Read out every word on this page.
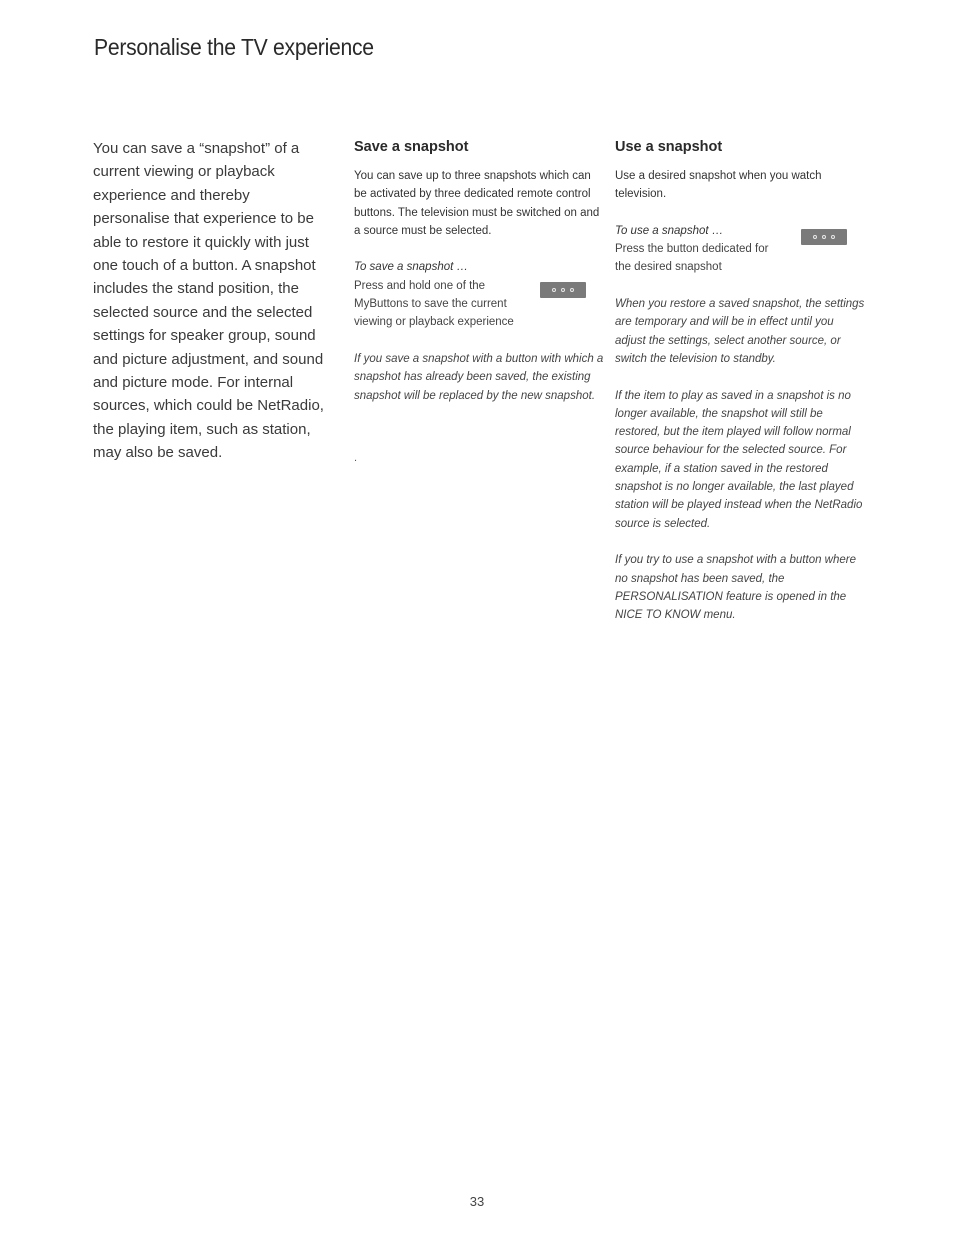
Personalise the TV experience
You can save a “snapshot” of a current viewing or playback experience and thereby personalise that experience to be able to restore it quickly with just one touch of a button. A snapshot includes the stand position, the selected source and the selected settings for speaker group, sound and picture adjustment, and sound and picture mode. For internal sources, which could be NetRadio, the playing item, such as station, may also be saved.
Save a snapshot

You can save up to three snapshots which can be activated by three dedicated remote control buttons. The television must be switched on and a source must be selected.

To save a snapshot …
Press and hold one of the MyButtons to save the current viewing or playback experience

If you save a snapshot with a button with which a snapshot has already been saved, the existing snapshot will be replaced by the new snapshot.

.
Use a snapshot

Use a desired snapshot when you watch television.

To use a snapshot …
Press the button dedicated for the desired snapshot

When you restore a saved snapshot, the settings are temporary and will be in effect until you adjust the settings, select another source, or switch the television to standby.

If the item to play as saved in a snapshot is no longer available, the snapshot will still be restored, but the item played will follow normal source behaviour for the selected source. For example, if a station saved in the restored snapshot is no longer available, the last played station will be played instead when the NetRadio source is selected.

If you try to use a snapshot with a button where no snapshot has been saved, the PERSONALISATION feature is opened in the NICE TO KNOW menu.

33
